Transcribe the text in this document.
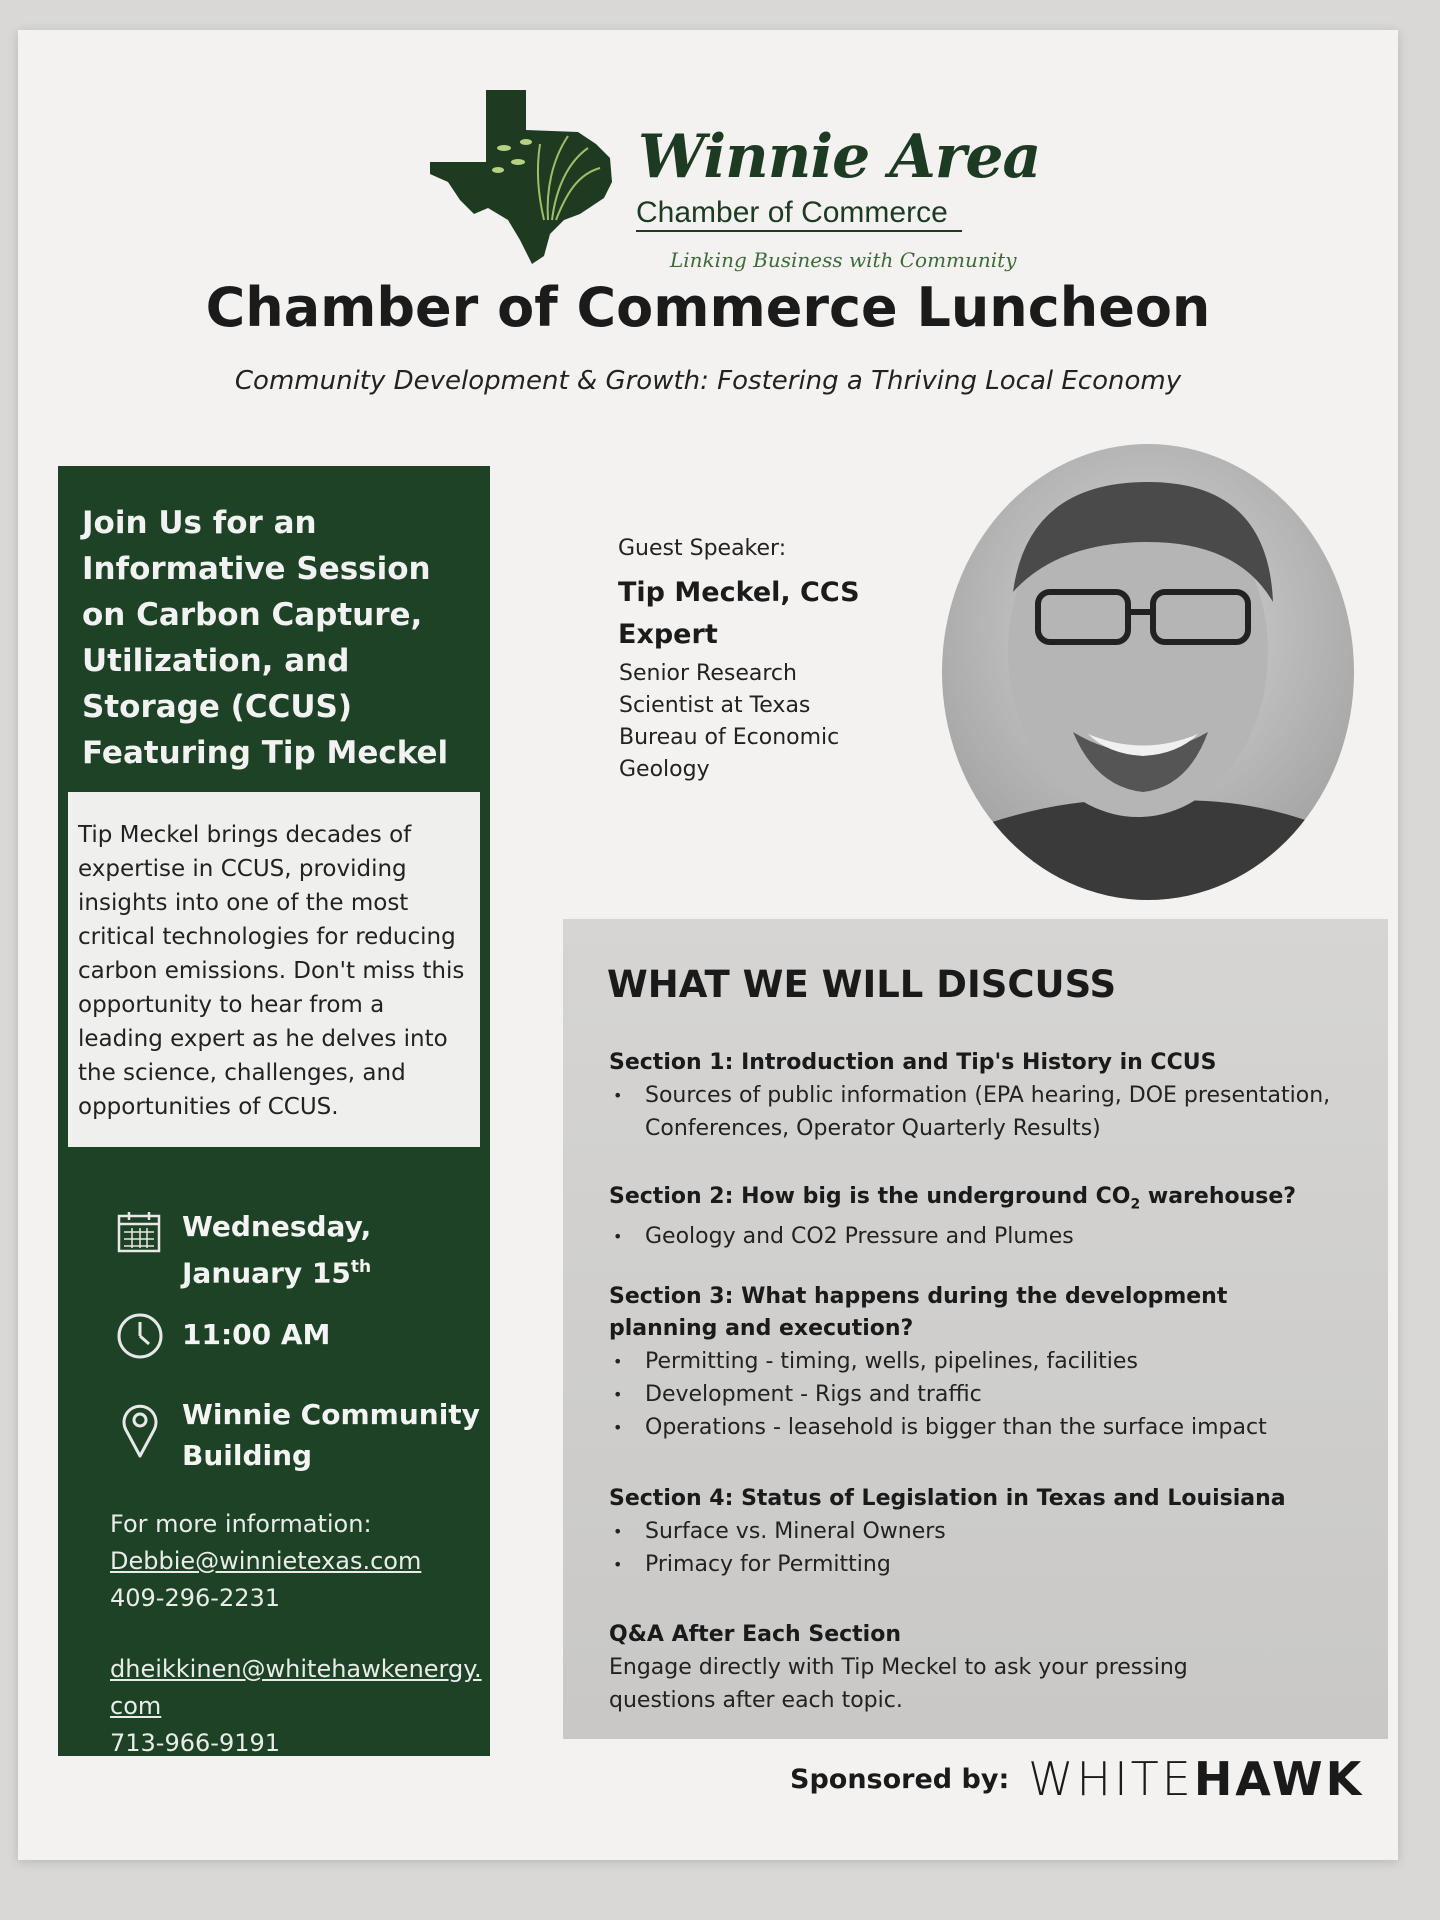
Winnie Area
Chamber of Commerce
Linking Business with Community
Chamber of Commerce Luncheon
Community Development & Growth: Fostering a Thriving Local Economy
Join Us for an Informative Session on Carbon Capture, Utilization, and Storage (CCUS) Featuring Tip Meckel
Tip Meckel brings decades of expertise in CCUS, providing insights into one of the most critical technologies for reducing carbon emissions. Don't miss this opportunity to hear from a leading expert as he delves into the science, challenges, and opportunities of CCUS.
Wednesday,
January 15th
11:00 AM
Winnie Community
Building
For more information:
Debbie@winnietexas.com
409-296-2231
dheikkinen@whitehawkenergy.
com
713-966-9191
Guest Speaker:
Tip Meckel, CCS Expert
Senior Research Scientist at Texas Bureau of Economic Geology
WHAT WE WILL DISCUSS
Section 1: Introduction and Tip's History in CCUS
• Sources of public information (EPA hearing, DOE presentation, Conferences, Operator Quarterly Results)
Section 2: How big is the underground $CO_2$ warehouse?
• Geology and CO2 Pressure and Plumes
Section 3: What happens during the development planning and execution?
• Permitting - timing, wells, pipelines, facilities
• Development - Rigs and traffic
• Operations - leasehold is bigger than the surface impact
Section 4: Status of Legislation in Texas and Louisiana
• Surface vs. Mineral Owners
• Primacy for Permitting
Q&A After Each Section
Engage directly with Tip Meckel to ask your pressing questions after each topic.
Sponsored by: WHITEHAWK
